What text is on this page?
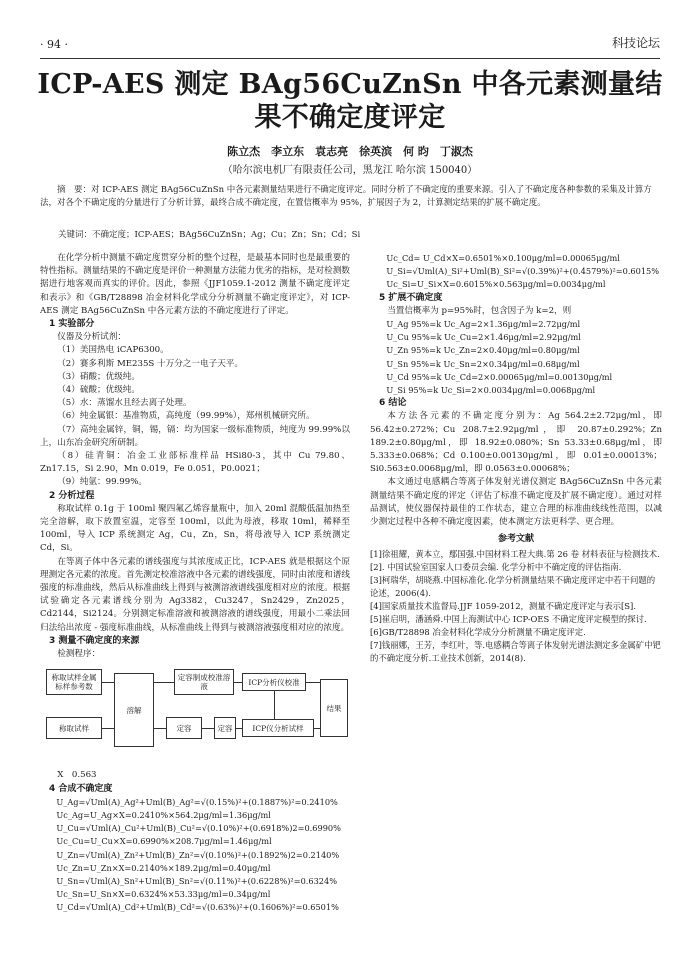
· 94 ·	科技论坛
ICP-AES 测定 BAg56CuZnSn 中各元素测量结果不确定度评定
陈立杰　李立东　袁志亮　徐英滨　何 昀　丁淑杰
（哈尔滨电机厂有限责任公司，黑龙江 哈尔滨 150040）
摘　要：对 ICP-AES 测定 BAg56CuZnSn 中各元素测量结果进行不确定度评定。同时分析了不确定度的重要来源。引入了不确定度各种参数的采集及计算方法，对各个不确定度的分量进行了分析计算，最终合成不确定度，在置信概率为 95%，扩展因子为 2，计算测定结果的扩展不确定度。
关键词：不确定度；ICP-AES；BAg56CuZnSn；Ag；Cu；Zn；Sn；Cd；Si

在化学分析中测量不确定度贯穿分析的整个过程，是最基本同时也是最重要的特性指标。测量结果的不确定度是评价一种测量方法能力优劣的指标，是对检测数据进行地客观而真实的评价。因此，参照《JJF1059.1-2012 测量不确定度评定和表示》和《GB/T28898 冶金材料化学成分分析测量不确定度评定》，对 ICP-AES 测定 BAg56CuZnSn 中各元素方法的不确定度进行了评定。

1 实验部分

仪器及分析试剂：

（1）美国热电 iCAP6300。

（2）赛多利斯 ME235S 十万分之一电子天平。

（3）硝酸；优级纯。

（4）硫酸；优级纯。

（5）水：蒸馏水且经去离子处理。

（6）纯金属银：基准物质，高纯度（99.99%），郑州机械研究所。

（7）高纯金属锌，铜，锡，镉：均为国家一级标准物质，纯度为 99.99%以上，山东冶金研究所研制。

（8）硅青铜：冶金工业部标准样品 HSi80-3，其中 Cu 79.80、Zn17.15，Si 2.90，Mn 0.019，Fe 0.051，P0.0021；

（9）纯氩：99.99%。

2 分析过程

称取试样 0.1g 于 100ml 聚四氟乙烯容量瓶中，加入 20ml 混酸低温加热至完全溶解，取下放置室温，定容至 100ml，以此为母液，移取 10ml，稀释至 100ml，导入 ICP 系统测定 Ag，Cu，Zn，Sn，将母液导入 ICP 系统测定 Cd，Si。

在等离子体中各元素的谱线强度与其浓度成正比，ICP-AES 就是根据这个原理测定各元素的浓度。首先测定校准溶液中各元素的谱线强度，同时由浓度和谱线强度的标准曲线，然后从标准曲线上得到与被测溶液谱线强度相对应的浓度。根据试验确定各元素谱线分别为 Ag3382，Cu3247，Sn2429，Zn2025，Cd2144，Si2124。分别测定标准溶液和被测溶液的谱线强度，用最小二乘法回归法给出浓度 - 强度标准曲线，从标准曲线上得到与被测溶液强度相对应的浓度。

3 测量不确定度的来源

检测程序：

称取试样金属标样参考数
称取试样
溶解
定容
定容制成校准溶液	ICP分析仪校准
定容	ICP仪分析试样
结果

X　0.563

4 合成不确定度

U_Ag=√Uml(A)_Ag²+Uml(B)_Ag²=√(0.15%)²+(0.1887%)²=0.2410%

Uc_Ag=U_Ag×X=0.2410%×564.2μg/ml=1.36μg/ml

U_Cu=√Uml(A)_Cu²+Uml(B)_Cu²=√(0.10%)²+(0.6918%)2=0.6990%

Uc_Cu=U_Cu×X=0.6990%×208.7μg/ml=1.46μg/ml

U_Zn=√Uml(A)_Zn²+Uml(B)_Zn²=√(0.10%)²+(0.1892%)2=0.2140%

Uc_Zn=U_Zn×X=0.2140%×189.2μg/ml=0.40μg/ml

U_Sn=√Uml(A)_Sn²+Uml(B)_Sn²=√(0.11%)²+(0.6228%)²=0.6324%

Uc_Sn=U_Sn×X=0.6324%×53.33μg/ml=0.34μg/ml

U_Cd=√Uml(A)_Cd²+Uml(B)_Cd²=√(0.63%)²+(0.1606%)²=0.6501%

Uc_Cd= U_Cd×X=0.6501%×0.100μg/ml=0.00065μg/ml

U_Si=√Uml(A)_Si²+Uml(B)_Si²=√(0.39%)²+(0.4579%)²=0.6015%

Uc_Si=U_Si×X=0.6015%×0.563μg/ml=0.0034μg/ml

5 扩展不确定度

当置信概率为 p=95%时，包含因子为 k=2，则

U_Ag 95%=k Uc_Ag=2×1.36μg/ml=2.72μg/ml

U_Cu 95%=k Uc_Cu=2×1.46μg/ml=2.92μg/ml

U_Zn 95%=k Uc_Zn=2×0.40μg/ml=0.80μg/ml

U_Sn 95%=k Uc_Sn=2×0.34μg/ml=0.68μg/ml

U_Cd 95%=k Uc_Cd=2×0.00065μg/ml=0.00130μg/ml

U_Si 95%=k Uc_Si=2×0.0034μg/ml=0.0068μg/ml

6 结论

本方法各元素的不确定度分别为：Ag 564.2±2.72μg/ml，即 56.42±0.272%；Cu 208.7±2.92μg/ml，即 20.87±0.292%；Zn 189.2±0.80μg/ml，即 18.92±0.080%；Sn 53.33±0.68μg/ml，即 5.333±0.068%；Cd 0.100±0.00130μg/ml，即 0.01±0.00013%；Si0.563±0.0068μg/ml，即 0.0563±0.00068%；

本文通过电感耦合等离子体发射光谱仪测定 BAg56CuZnSn 中各元素测量结果不确定度的评定（评估了标准不确定度及扩展不确定度）。通过对样品测试，使仪器保持最佳的工作状态，建立合理的标准曲线线性范围，以减少测定过程中各种不确定度因素，使本测定方法更科学、更合理。

参考文献

[1]徐祖耀，黄本立，鄢国强.中国材料工程大典.第 26 卷 材料表征与检测技术.

[2]. 中国试验室国家人口委员会编. 化学分析中不确定度的评估指南.

[3]柯瑞华，胡晓燕.中国标准化.化学分析测量结果不确定度评定中若干问题的论述，2006(4).

[4]国家质量技术监督局.JJF 1059-2012，测量不确定度评定与表示[S].

[5]崔启明，潘涵舜.中国上海测试中心 ICP-OES 不确定度评定模型的探讨.

[6]GB/T28898 冶金材料化学成分分析测量不确定度评定.

[7]钱丽娜，王芳，李红叶，等.电感耦合等离子体发射光谱法测定多金属矿中钯的不确定度分析.工业技术创新，2014(8).
